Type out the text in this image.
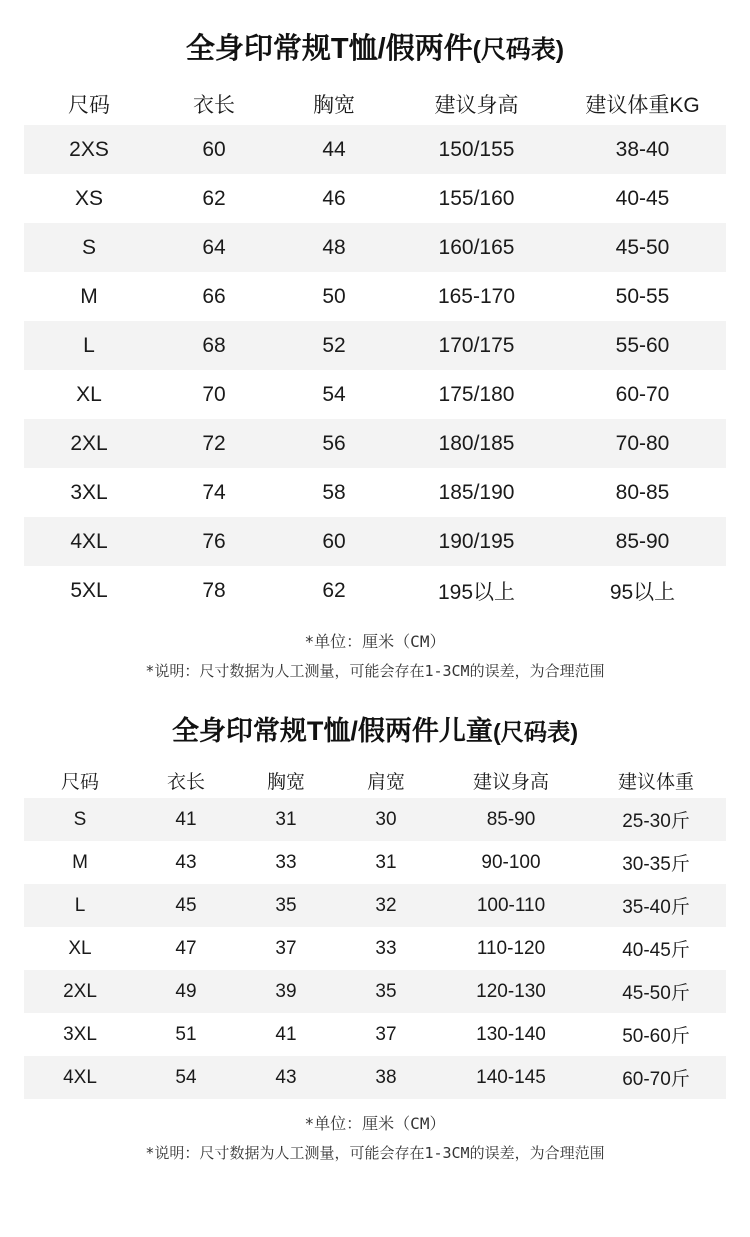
全身印常规T恤/假两件(尺码表)
尺码	衣长	胸宽	建议身高	建议体重KG
2XS	60	44	150/155	38-40
XS	62	46	155/160	40-45
S	64	48	160/165	45-50
M	66	50	165-170	50-55
L	68	52	170/175	55-60
XL	70	54	175/180	60-70
2XL	72	56	180/185	70-80
3XL	74	58	185/190	80-85
4XL	76	60	190/195	85-90
5XL	78	62	195以上	95以上
*单位：厘米（CM）
*说明：尺寸数据为人工测量，可能会存在1-3CM的误差，为合理范围
全身印常规T恤/假两件儿童(尺码表)
尺码	衣长	胸宽	肩宽	建议身高	建议体重
S	41	31	30	85-90	25-30斤
M	43	33	31	90-100	30-35斤
L	45	35	32	100-110	35-40斤
XL	47	37	33	110-120	40-45斤
2XL	49	39	35	120-130	45-50斤
3XL	51	41	37	130-140	50-60斤
4XL	54	43	38	140-145	60-70斤
*单位：厘米（CM）
*说明：尺寸数据为人工测量，可能会存在1-3CM的误差，为合理范围
